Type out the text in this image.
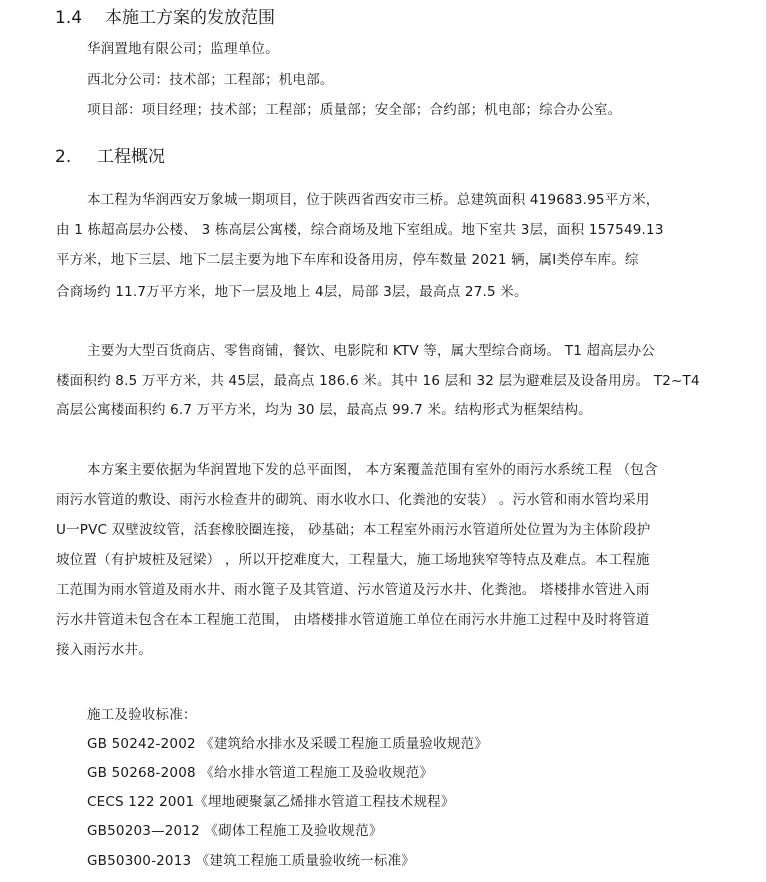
1.4 本施工方案的发放范围
华润置地有限公司；监理单位。
西北分公司：技术部；工程部；机电部。
项目部：项目经理；技术部；工程部；质量部；安全部；合约部；机电部；综合办公室。
2. 工程概况
本工程为华润西安万象城一期项目，位于陕西省西安市三桥。总建筑面积 419683.95平方米，
由 1 栋超高层办公楼、 3 栋高层公寓楼，综合商场及地下室组成。地下室共 3层，面积 157549.13
平方米，地下三层、地下二层主要为地下车库和设备用房，停车数量 2021 辆，属Ⅰ类停车库。综
合商场约 11.7万平方米，地下一层及地上 4层，局部 3层，最高点 27.5 米。
主要为大型百货商店、零售商铺，餐饮、电影院和 KTV 等，属大型综合商场。 T1 超高层办公
楼面积约 8.5 万平方米，共 45层，最高点 186.6 米。其中 16 层和 32 层为避难层及设备用房。 T2~T4
高层公寓楼面积约 6.7 万平方米，均为 30 层，最高点 99.7 米。结构形式为框架结构。
本方案主要依据为华润置地下发的总平面图， 本方案覆盖范围有室外的雨污水系统工程 （包含
雨污水管道的敷设、雨污水检查井的砌筑、雨水收水口、化粪池的安装） 。污水管和雨水管均采用
U一PVC 双壁波纹管，活套橡胶圈连接， 砂基础；本工程室外雨污水管道所处位置为为主体阶段护
坡位置（有护坡桩及冠梁） ，所以开挖难度大，工程量大，施工场地狭窄等特点及难点。本工程施
工范围为雨水管道及雨水井、雨水篦子及其管道、污水管道及污水井、化粪池。 塔楼排水管进入雨
污水井管道未包含在本工程施工范围， 由塔楼排水管道施工单位在雨污水井施工过程中及时将管道
接入雨污水井。
施工及验收标准：
GB 50242-2002 《建筑给水排水及采暖工程施工质量验收规范》
GB 50268-2008 《给水排水管道工程施工及验收规范》
CECS 122 2001《埋地硬聚氯乙烯排水管道工程技术规程》
GB50203—2012 《砌体工程施工及验收规范》
GB50300-2013 《建筑工程施工质量验收统一标准》
